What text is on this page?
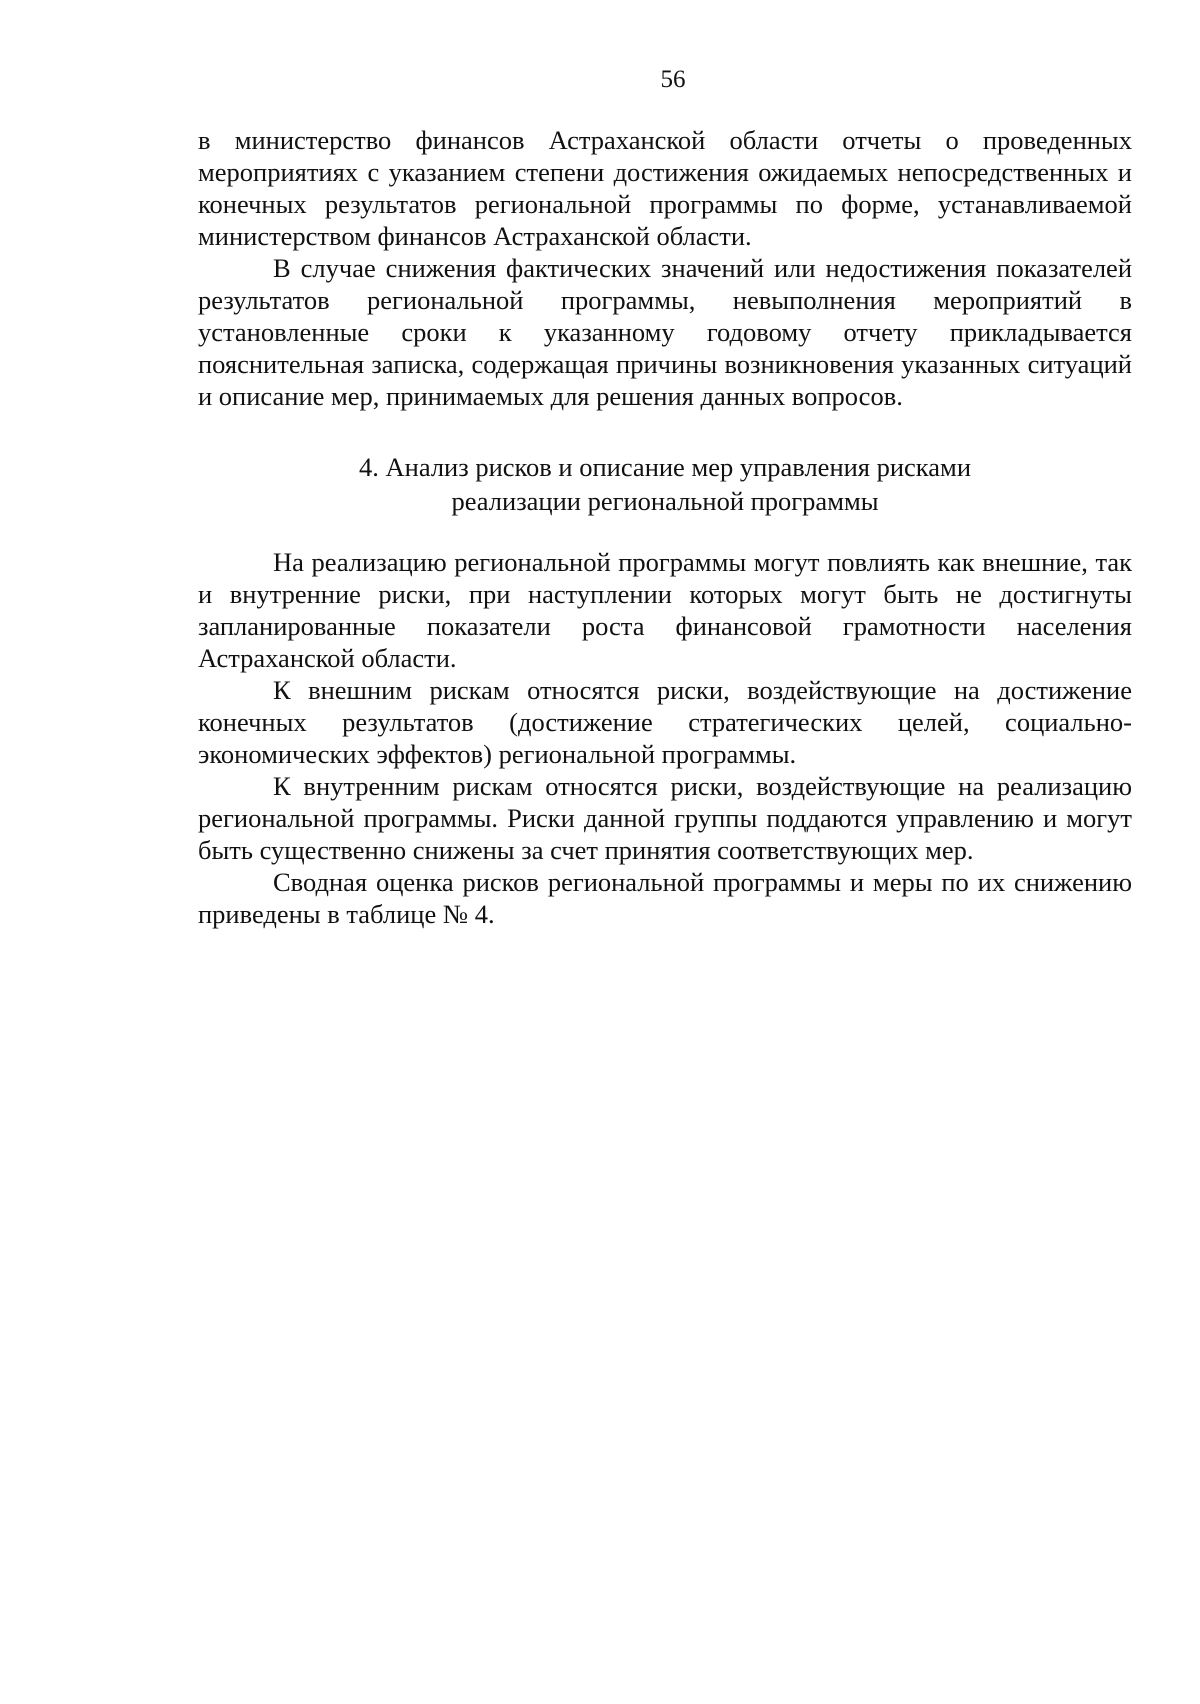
56

в министерство финансов Астраханской области отчеты о проведенных мероприятиях с указанием степени достижения ожидаемых непосредственных и конечных результатов региональной программы по форме, устанавливаемой министерством финансов Астраханской области.

В случае снижения фактических значений или недостижения показателей результатов региональной программы, невыполнения мероприятий в установленные сроки к указанному годовому отчету прикладывается пояснительная записка, содержащая причины возникновения указанных ситуаций и описание мер, принимаемых для решения данных вопросов.

4. Анализ рисков и описание мер управления рисками
реализации региональной программы

На реализацию региональной программы могут повлиять как внешние, так и внутренние риски, при наступлении которых могут быть не достигнуты запланированные показатели роста финансовой грамотности населения Астраханской области.

К внешним рискам относятся риски, воздействующие на достижение конечных результатов (достижение стратегических целей, социально-экономических эффектов) региональной программы.

К внутренним рискам относятся риски, воздействующие на реализацию региональной программы. Риски данной группы поддаются управлению и могут быть существенно снижены за счет принятия соответствующих мер.

Сводная оценка рисков региональной программы и меры по их снижению приведены в таблице № 4.
